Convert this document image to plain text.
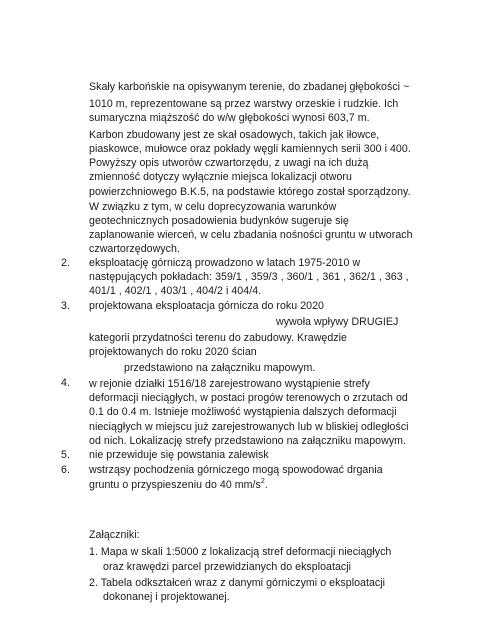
Skały karbońskie na opisywanym terenie, do zbadanej głębokości ~
1010 m, reprezentowane są przez warstwy orzeskie i rudzkie. Ich
sumaryczna miąższość do w/w głębokości wynosi 603,7 m.
Karbon zbudowany jest ze skał osadowych, takich jak iłowce,
piaskowce, mułowce oraz pokłady węgli kamiennych serii 300 i 400.
Powyższy opis utworów czwartorzędu, z uwagi na ich dużą
zmienność dotyczy wyłącznie miejsca lokalizacji otworu
powierzchniowego B.K.5, na podstawie którego został sporządzony.
W związku z tym, w celu doprecyzowania warunków
geotechnicznych posadowienia budynków sugeruje się
zaplanowanie wierceń, w celu zbadania nośności gruntu w utworach
czwartorzędowych.
2. eksploatację górniczą prowadzono w latach 1975-2010 w
następujących pokładach: 359/1 , 359/3 , 360/1 , 361 , 362/1 , 363 ,
401/1 , 402/1 , 403/1 , 404/2 i 404/4.
3. projektowana eksploatacja górnicza do roku 2020
wywoła wpływy DRUGIEJ
kategorii przydatności terenu do zabudowy. Krawędzie
projektowanych do roku 2020 ścian
przedstawiono na załączniku mapowym.
4. w rejonie działki 1516/18 zarejestrowano wystąpienie strefy
deformacji nieciągłych, w postaci progów terenowych o zrzutach od
0.1 do 0.4 m. Istnieje możliwość wystąpienia dalszych deformacji
nieciągłych w miejscu już zarejestrowanych lub w bliskiej odległości
od nich. Lokalizację strefy przedstawiono na załączniku mapowym.
5. nie przewiduje się powstania zalewisk
6. wstrząsy pochodzenia górniczego mogą spowodować drgania
gruntu o przyspieszeniu do 40 $mm/s^2$.
Załączniki:
1. Mapa w skali 1:5000 z lokalizacją stref deformacji nieciągłych
oraz krawędzi parcel przewidzianych do eksploatacji
2. Tabela odkształceń wraz z danymi górniczymi o eksploatacji
dokonanej i projektowanej.
